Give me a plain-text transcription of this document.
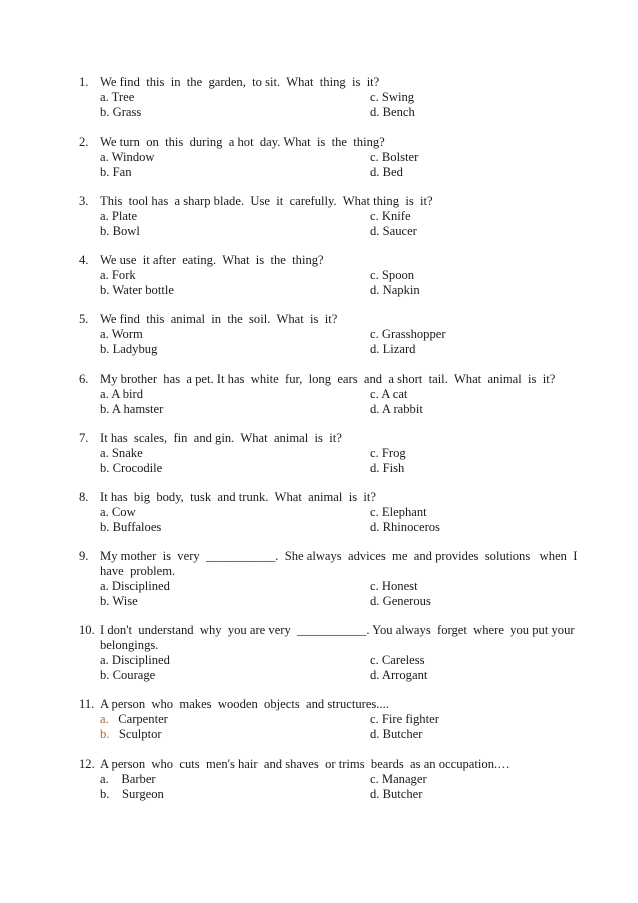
1. We find  this  in  the  garden,  to sit.  What  thing  is  it?
a. Tree
b. Grass
c. Swing
d. Bench
2. We turn  on  this  during  a hot  day. What  is  the  thing?
a. Window
b. Fan
c. Bolster
d. Bed
3. This  tool has  a sharp blade.  Use  it  carefully.  What thing  is  it?
a. Plate
b. Bowl
c. Knife
d. Saucer
4. We use  it after  eating.  What  is  the  thing?
a. Fork
b. Water bottle
c. Spoon
d. Napkin
5. We find  this  animal  in  the  soil.  What  is  it?
a. Worm
b. Ladybug
c. Grasshopper
d. Lizard
6. My brother  has  a pet. It has  white  fur,  long  ears  and  a short  tail.  What  animal  is  it?
a. A bird
b. A hamster
c. A cat
d. A rabbit
7. It has  scales,  fin  and gin.  What  animal  is  it?
a. Snake
b. Crocodile
c. Frog
d. Fish
8. It has  big  body,  tusk  and trunk.  What  animal  is  it?
a. Cow
b. Buffaloes
c. Elephant
d. Rhinoceros
9. My mother  is  very  ___________.  She always  advices  me  and provides  solutions   when  I
have  problem.
a. Disciplined
b. Wise
c. Honest
d. Generous
10. I don't  understand  why  you are very  ___________. You always  forget  where  you put your
belongings.
a. Disciplined
b. Courage
c. Careless
d. Arrogant
11. A person  who  makes  wooden  objects  and structures....
a. Carpenter
b. Sculptor
c. Fire fighter
d. Butcher
12. A person  who  cuts  men's hair  and shaves  or trims  beards  as an occupation.…
a. Barber
b. Surgeon
c. Manager
d. Butcher
